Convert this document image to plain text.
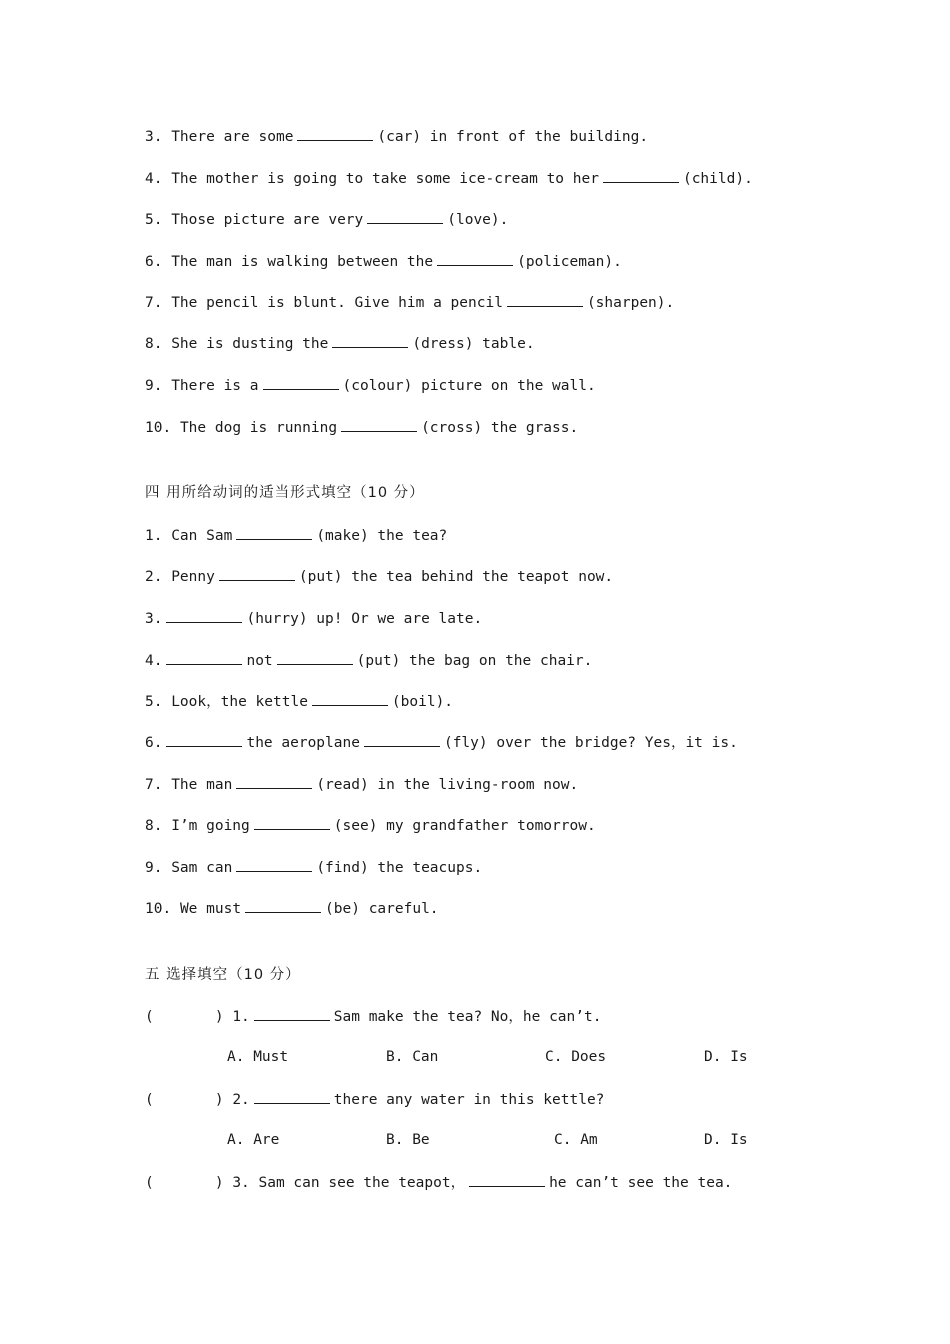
3. There are some	(car) in front of the building.
4. The mother is going to take some ice-cream to her	(child).
5. Those picture are very	(love).
6. The man is walking between the	(policeman).
7. The pencil is blunt. Give him a pencil	(sharpen).
8. She is dusting the	(dress) table.
9. There is a	(colour) picture on the wall.
10. The dog is running	(cross) the grass.
四 用所给动词的适当形式填空（10 分）
1. Can Sam	(make) the tea?
2. Penny	(put) the tea behind the teapot now.
3.	(hurry) up! Or we are late.
4.	not	(put) the bag on the chair.
5. Look，the kettle	(boil).
6.	the aeroplane	(fly) over the bridge? Yes，it is.
7. The man	(read) in the living-room now.
8. I’m going	(see) my grandfather tomorrow.
9. Sam can	(find) the teacups.
10. We must	(be) careful.
五 选择填空（10 分）
(       ) 1.	Sam make the tea? No，he can’t.

A. Must

	B. Can

	C. Does

	D. Is

(       ) 2.	there any water in this kettle?

A. Are

	B. Be

	C. Am

	D. Is

(       ) 3. Sam can see the teapot，	he can’t see the tea.
